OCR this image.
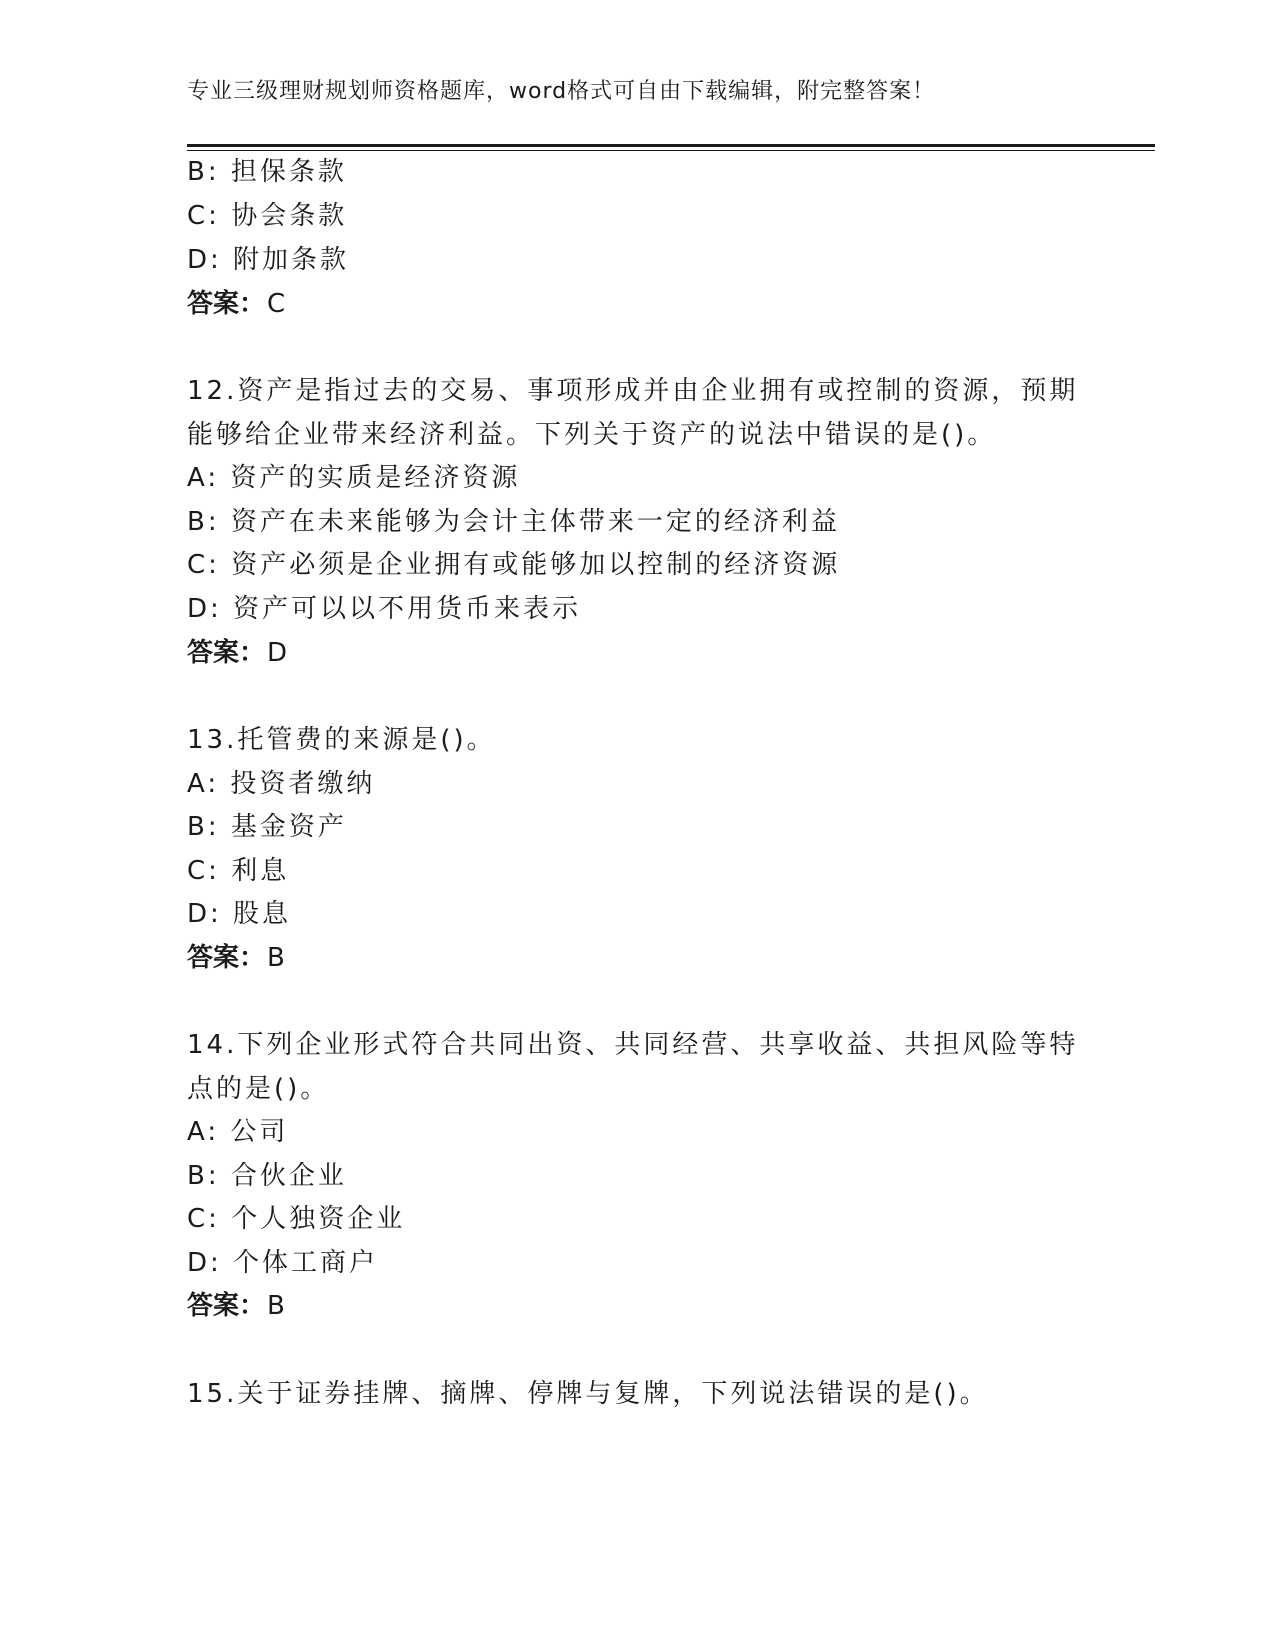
专业三级理财规划师资格题库，word格式可自由下载编辑，附完整答案！
B: 担保条款
C: 协会条款
D: 附加条款
答案：C
12.资产是指过去的交易、事项形成并由企业拥有或控制的资源，预期
能够给企业带来经济利益。下列关于资产的说法中错误的是()。
A: 资产的实质是经济资源
B: 资产在未来能够为会计主体带来一定的经济利益
C: 资产必须是企业拥有或能够加以控制的经济资源
D: 资产可以以不用货币来表示
答案：D
13.托管费的来源是()。
A: 投资者缴纳
B: 基金资产
C: 利息
D: 股息
答案：B
14.下列企业形式符合共同出资、共同经营、共享收益、共担风险等特
点的是()。
A: 公司
B: 合伙企业
C: 个人独资企业
D: 个体工商户
答案：B
15.关于证券挂牌、摘牌、停牌与复牌，下列说法错误的是()。
